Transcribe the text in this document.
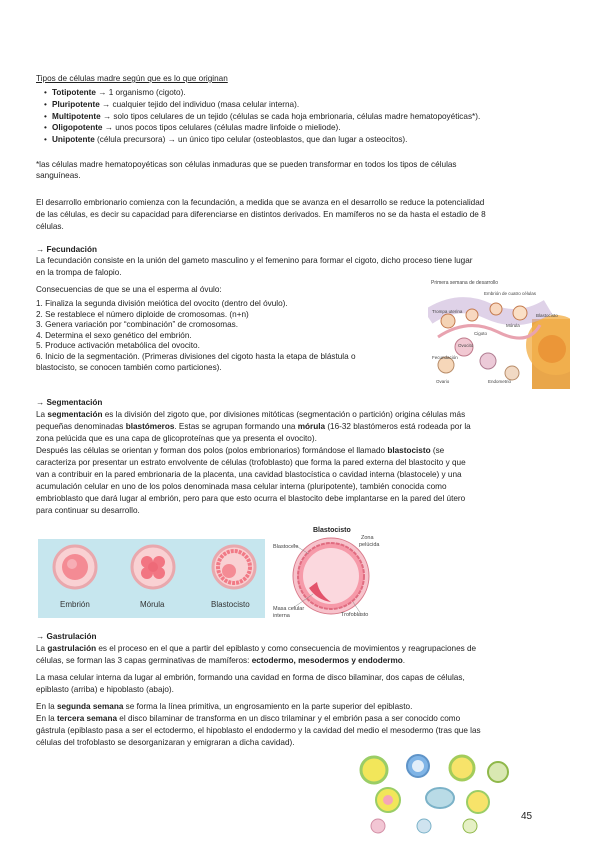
Tipos de células madre según que es lo que originan

• Totipotente → 1 organismo (cigoto).
• Pluripotente → cualquier tejido del individuo (masa celular interna).
• Multipotente → solo tipos celulares de un tejido (células se cada hoja embrionaria, células madre hematopoyéticas*).
• Oligopotente → unos pocos tipos celulares (células madre linfoide o mieliode).
• Unipotente (célula precursora) → un único tipo celular (osteoblastos, que dan lugar a osteocitos).

*las células madre hematopoyéticas son células inmaduras que se pueden transformar en todos los tipos de células

sanguíneas.

El desarrollo embrionario comienza con la fecundación, a medida que se avanza en el desarrollo se reduce la potencialidad

de las células, es decir su capacidad para diferenciarse en distintos derivados. En mamíferos no se da hasta el estadio de 8

células.

→ Fecundación

La fecundación consiste en la unión del gameto masculino y el femenino para formar el cigoto, dicho proceso tiene lugar

en la trompa de falopio.

Consecuencias de que se una el esperma al óvulo:

1. Finaliza la segunda división meiótica del ovocito (dentro del óvulo).

2. Se restablece el número diploide de cromosomas. (n+n)

3. Genera variación por “combinación” de cromosomas.

4. Determina el sexo genético del embrión.

5. Produce activación metabólica del ovocito.

6. Inicio de la segmentación. (Primeras divisiones del cigoto hasta la etapa de blástula o

blastocisto, se conocen también como particiones).

Primera semana de desarrollo
Embrión de cuatro células
Trompa uterina
Mórula
Cigoto
Blastocisto
Ovocito
Fecundación
Ovario	Endometrio

→ Segmentación

La segmentación es la división del zigoto que, por divisiones mitóticas (segmentación o partición) origina células más

pequeñas denominadas blastómeros. Estas se agrupan formando una mórula (16-32 blastómeros está rodeada por la

zona pelúcida que es una capa de glicoproteínas que ya presenta el ovocito).

Después las células se orientan y forman dos polos (polos embrionarios) formándose el llamado blastocisto (se

caracteriza por presentar un estrato envolvente de células (trofoblasto) que forma la pared externa del blastocito y que

van a contribuir en la pared embrionaria de la placenta, una cavidad blastocística o cavidad interna (blastocele) y una

acumulación celular en uno de los polos denominada masa celular interna (pluripotente), también conocida como

embrioblasto que dará lugar al embrión, pero para que esto ocurra el blastocito debe implantarse en la pared del útero

para continuar su desarrollo.

Embrión	Mórula	Blastocisto
Blastocisto
Blastocele
Zona
pelúcida
Masa celular
interna	Trofoblasto

→ Gastrulación

La gastrulación es el proceso en el que a partir del epiblasto y como consecuencia de movimientos y reagrupaciones de

células, se forman las 3 capas germinativas de mamíferos: ectodermo, mesodermos y endodermo.

La masa celular interna da lugar al embrión, formando una cavidad en forma de disco bilaminar, dos capas de células,

epiblasto (arriba) e hipoblasto (abajo).

En la segunda semana se forma la línea primitiva, un engrosamiento en la parte superior del epiblasto.

En la tercera semana el disco bilaminar de transforma en un disco trilaminar y el embrión pasa a ser conocido como

gástrula (epiblasto pasa a ser el ectodermo, el hipoblasto el endodermo y la cavidad del medio el mesodermo (tras que las

células del trofoblasto se desorganizaran y emigraran a dicha cavidad).

45
